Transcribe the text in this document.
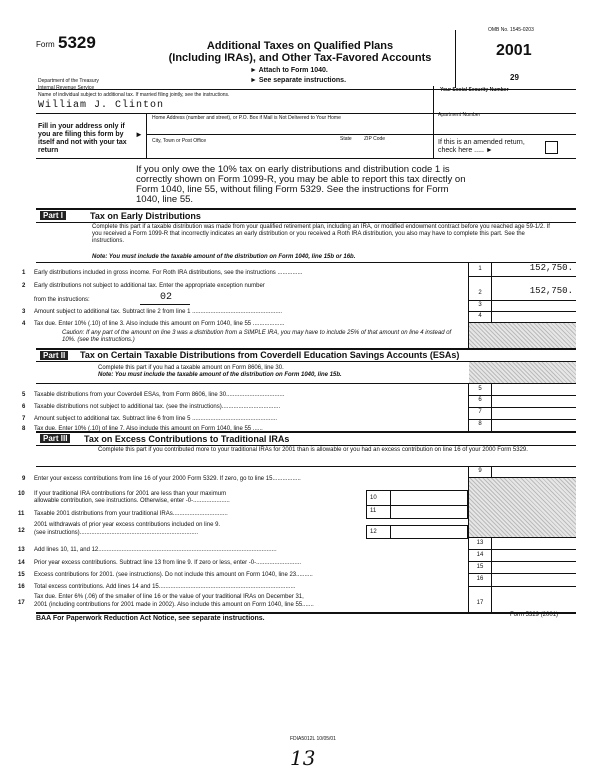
Form 5329
Department of the Treasury
Internal Revenue Service
Additional Taxes on Qualified Plans
(Including IRAs), and Other Tax-Favored Accounts
► Attach to Form 1040.
► See separate instructions.
OMB No. 1545-0203
2001
29
Name of individual subject to additional tax. If married filing jointly, see the instructions.
Your Social Security Number
William J. Clinton
Fill in your address only if you are filing this form by itself and not with your tax return
►
Home Address (number and street), or P.O. Box if Mail is Not Delivered to Your Home	Apartment Number
City, Town or Post Office	State ZIP Code	If this is an amended return, check here ..... ►
If you only owe the 10% tax on early distributions and distribution code 1 is correctly shown on Form 1099-R, you may be able to report this tax directly on Form 1040, line 55, without filing Form 5329. See the instructions for Form 1040, line 55.
Part I	Tax on Early Distributions
Complete this part if a taxable distribution was made from your qualified retirement plan, including an IRA, or modified endowment contract before you reached age 59-1/2. If you received a Form 1099-R that incorrectly indicates an early distribution or you received a Roth IRA distribution, you also may have to complete this part. See the instructions.
Note: You must include the taxable amount of the distribution on Form 1040, line 15b or 16b.
1 Early distributions included in gross income. For Roth IRA distributions, see the instructions ...............
1	152,750.
2 Early distributions not subject to additional tax. Enter the appropriate exception number
from the instructions:	02	2	152,750.
3 Amount subject to additional tax. Subtract line 2 from line 1 ......................................................
3
4 Tax due. Enter 10% (.10) of line 3. Also include this amount on Form 1040, line 55 ...................
4
Caution: If any part of the amount on line 3 was a distribution from a SIMPLE IRA, you may have to include 25% of that amount on line 4 instead of 10%. (see the instructions.)
Part II	Tax on Certain Taxable Distributions from Coverdell Education Savings Accounts (ESAs)
Complete this part if you had a taxable amount on Form 8606, line 30.
Note: You must include the taxable amount of the distribution on Form 1040, line 15b.
5 Taxable distributions from your Coverdell ESAs, from Form 8606, line 30...................................
5
6 Taxable distributions not subject to additional tax. (see the instructions)...................................
6
7 Amount subject to additional tax. Subtract line 6 from line 5 ...................................................
7
8 Tax due. Enter 10% (.10) of line 7. Also include this amount on Form 1040, line 55 ......
8
Part III	Tax on Excess Contributions to Traditional IRAs
Complete this part if you contributed more to your traditional IRAs for 2001 than is allowable or you had an excess contribution on line 16 of your 2000 Form 5329.
9 Enter your excess contributions from line 16 of your 2000 Form 5329. If zero, go to line 15.................
9
10 If your traditional IRA contributions for 2001 are less than your maximum
allowable contribution, see instructions. Otherwise, enter -0-......................	10
11 Taxable 2001 distributions from your traditional IRAs.................................	11
12
2001 withdrawals of prior year excess contributions included on line 9.
(see instructions).......................................................................	12
13 Add lines 10, 11, and 12...........................................................................................................
13
14 Prior year excess contributions. Subtract line 13 from line 9. If zero or less, enter -0-...........................
14
15 Excess contributions for 2001. (see instructions). Do not include this amount on Form 1040, line 23..........
15
16 Total excess contributions. Add lines 14 and 15..................................................................................
16
17
Tax due. Enter 6% (.06) of the smaller of line 16 or the value of your traditional IRAs on December 31,
2001 (including contributions for 2001 made in 2002). Also include this amount on Form 1040, line 55.......	17
BAA For Paperwork Reduction Act Notice, see separate instructions.	Form 5329 (2001)
FDIA5012L 10/05/01
13
